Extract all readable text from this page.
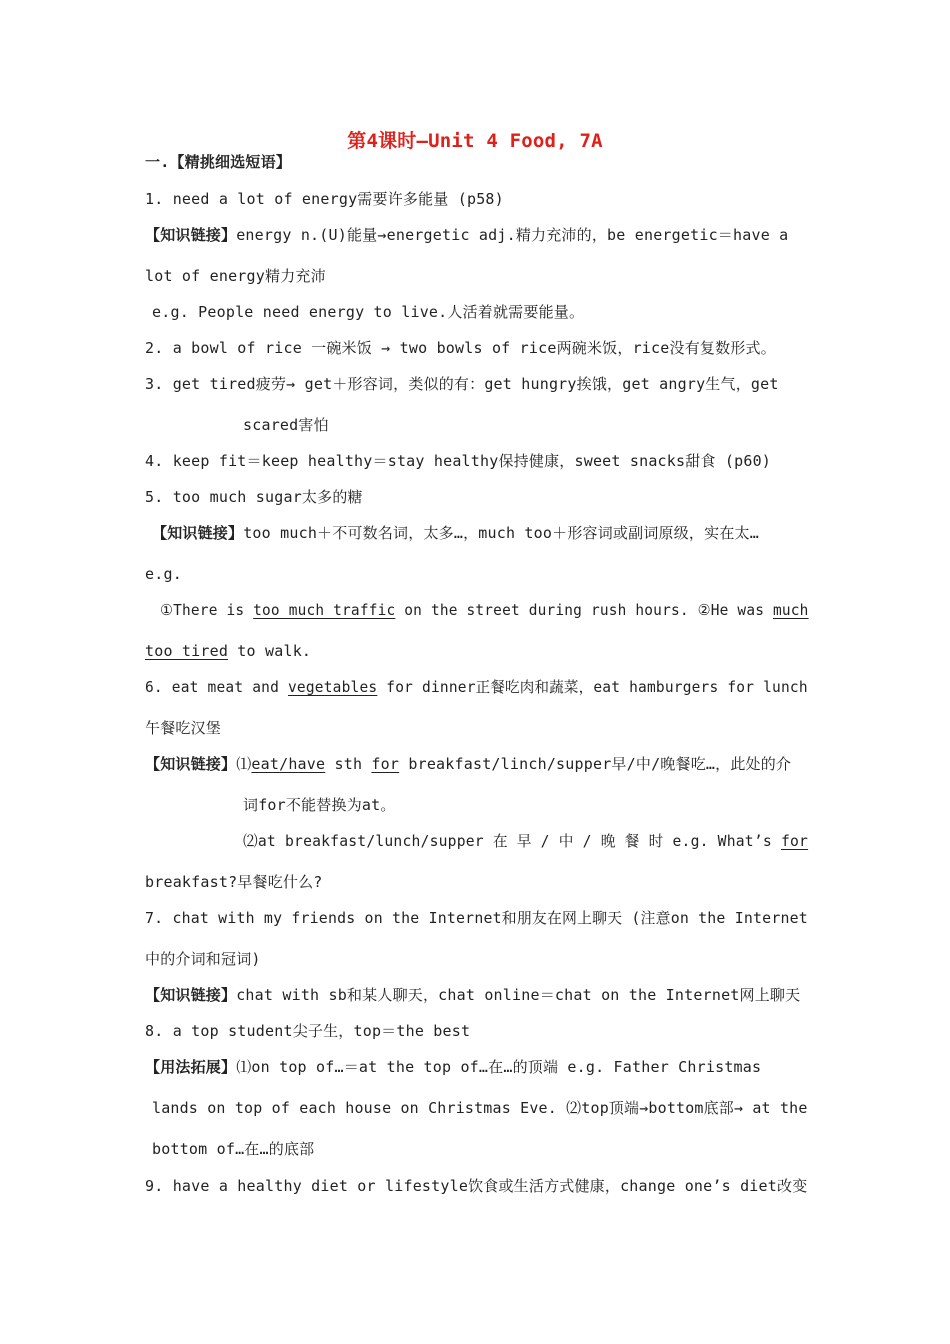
第4课时—Unit 4 Food, 7A
一.【精挑细选短语】
1. need a lot of energy需要许多能量 (p58)
【知识链接】energy n.(U)能量→energetic adj.精力充沛的，be energetic＝have a
lot of energy精力充沛
e.g. People need energy to live.人活着就需要能量。
2. a bowl of rice 一碗米饭 → two bowls of rice两碗米饭，rice没有复数形式。
3. get tired疲劳→ get＋形容词，类似的有：get hungry挨饿，get angry生气，get
scared害怕
4. keep fit＝keep healthy＝stay healthy保持健康，sweet snacks甜食 (p60)
5. too much sugar太多的糖
【知识链接】too much＋不可数名词，太多…，much too＋形容词或副词原级，实在太…
e.g.
①There is too much traffic on the street during rush hours. ②He was much
too tired to walk.
6. eat meat and vegetables for dinner正餐吃肉和蔬菜，eat hamburgers for lunch
午餐吃汉堡
【知识链接】⑴eat/have sth for breakfast/linch/supper早/中/晚餐吃…，此处的介
词for不能替换为at。
⑵at breakfast/lunch/supper 在 早 / 中 / 晚 餐 时 e.g. What’s for
breakfast?早餐吃什么?
7. chat with my friends on the Internet和朋友在网上聊天 (注意on the Internet
中的介词和冠词)
【知识链接】chat with sb和某人聊天，chat online＝chat on the Internet网上聊天
8. a top student尖子生，top＝the best
【用法拓展】⑴on top of…＝at the top of…在…的顶端 e.g. Father Christmas
lands on top of each house on Christmas Eve. ⑵top顶端→bottom底部→ at the
bottom of…在…的底部
9. have a healthy diet or lifestyle饮食或生活方式健康，change one’s diet改变
